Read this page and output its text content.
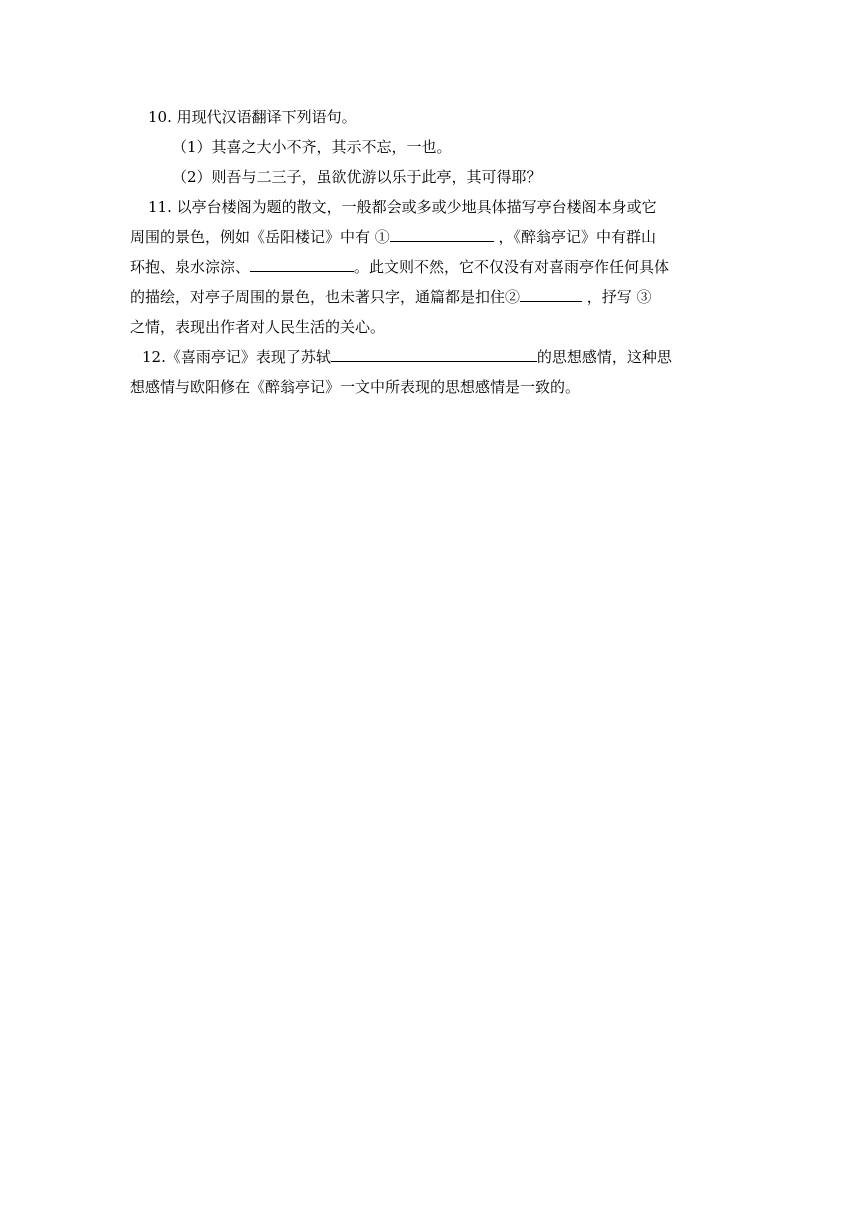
10. 用现代汉语翻译下列语句。
（1）其喜之大小不齐，其示不忘，一也。
（2）则吾与二三子，虽欲优游以乐于此亭，其可得耶？
11. 以亭台楼阁为题的散文，一般都会或多或少地具体描写亭台楼阁本身或它
周围的景色，例如《岳阳楼记》中有 ①	，《醉翁亭记》中有群山
环抱、泉水淙淙、	。此文则不然，它不仅没有对喜雨亭作任何具体
的描绘，对亭子周围的景色，也未著只字，通篇都是扣住②	，抒写 ③
之情，表现出作者对人民生活的关心。
12.《喜雨亭记》表现了苏轼	的思想感情，这种思
想感情与欧阳修在《醉翁亭记》一文中所表现的思想感情是一致的。
